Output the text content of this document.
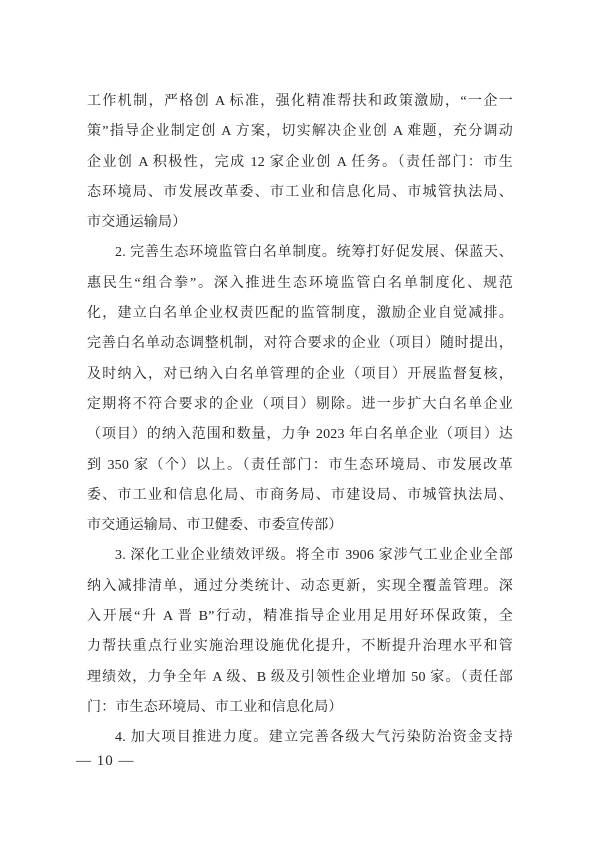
工作机制，严格创 A 标准，强化精准帮扶和政策激励，“一企一
策”指导企业制定创 A 方案，切实解决企业创 A 难题，充分调动
企业创 A 积极性，完成 12 家企业创 A 任务。（责任部门：市生
态环境局、市发展改革委、市工业和信息化局、市城管执法局、
市交通运输局）
2. 完善生态环境监管白名单制度。统筹打好促发展、保蓝天、
惠民生“组合拳”。深入推进生态环境监管白名单制度化、规范
化，建立白名单企业权责匹配的监管制度，激励企业自觉减排。
完善白名单动态调整机制，对符合要求的企业（项目）随时提出，
及时纳入，对已纳入白名单管理的企业（项目）开展监督复核，
定期将不符合要求的企业（项目）剔除。进一步扩大白名单企业
（项目）的纳入范围和数量，力争 2023 年白名单企业（项目）达
到 350 家（个）以上。（责任部门：市生态环境局、市发展改革
委、市工业和信息化局、市商务局、市建设局、市城管执法局、
市交通运输局、市卫健委、市委宣传部）
3. 深化工业企业绩效评级。将全市 3906 家涉气工业企业全部
纳入减排清单，通过分类统计、动态更新，实现全覆盖管理。深
入开展“升 A 晋 B”行动，精准指导企业用足用好环保政策，全
力帮扶重点行业实施治理设施优化提升，不断提升治理水平和管
理绩效，力争全年 A 级、B 级及引领性企业增加 50 家。（责任部
门：市生态环境局、市工业和信息化局）
4. 加大项目推进力度。建立完善各级大气污染防治资金支持
— 10 —
